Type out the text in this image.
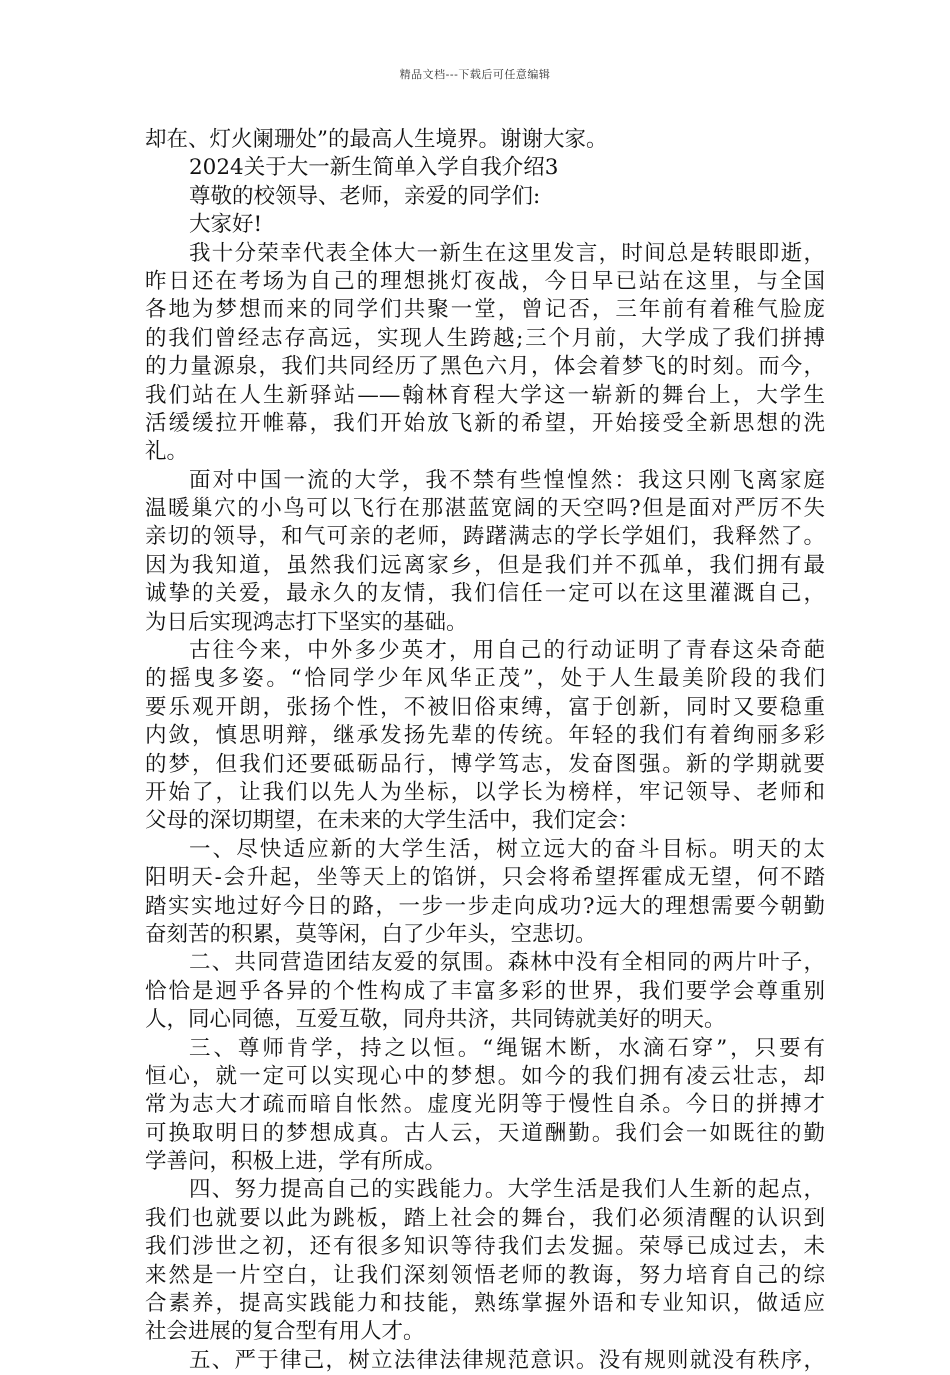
精品文档---下载后可任意编辑
却在、灯火阑珊处”的最高人生境界。谢谢大家。
2024关于大一新生简单入学自我介绍3
尊敬的校领导、老师，亲爱的同学们:
大家好!
我十分荣幸代表全体大一新生在这里发言，时间总是转眼即逝，
昨日还在考场为自己的理想挑灯夜战，今日早已站在这里，与全国
各地为梦想而来的同学们共聚一堂，曾记否，三年前有着稚气脸庞
的我们曾经志存高远，实现人生跨越;三个月前，大学成了我们拼搏
的力量源泉，我们共同经历了黑色六月，体会着梦飞的时刻。而今，
我们站在人生新驿站——翰林育程大学这一崭新的舞台上，大学生
活缓缓拉开帷幕，我们开始放飞新的希望，开始接受全新思想的洗
礼。
面对中国一流的大学，我不禁有些惶惶然：我这只刚飞离家庭
温暖巢穴的小鸟可以飞行在那湛蓝宽阔的天空吗?但是面对严厉不失
亲切的领导，和气可亲的老师，踌躇满志的学长学姐们，我释然了。
因为我知道，虽然我们远离家乡，但是我们并不孤单，我们拥有最
诚挚的关爱，最永久的友情，我们信任一定可以在这里灌溉自己，
为日后实现鸿志打下坚实的基础。
古往今来，中外多少英才，用自己的行动证明了青春这朵奇葩
的摇曳多姿。“恰同学少年风华正茂”，处于人生最美阶段的我们
要乐观开朗，张扬个性，不被旧俗束缚，富于创新，同时又要稳重
内敛，慎思明辩，继承发扬先辈的传统。年轻的我们有着绚丽多彩
的梦，但我们还要砥砺品行，博学笃志，发奋图强。新的学期就要
开始了，让我们以先人为坐标，以学长为榜样，牢记领导、老师和
父母的深切期望，在未来的大学生活中，我们定会：
一、尽快适应新的大学生活，树立远大的奋斗目标。明天的太
阳明天-会升起，坐等天上的馅饼，只会将希望挥霍成无望，何不踏
踏实实地过好今日的路，一步一步走向成功?远大的理想需要今朝勤
奋刻苦的积累，莫等闲，白了少年头，空悲切。
二、共同营造团结友爱的氛围。森林中没有全相同的两片叶子，
恰恰是迥乎各异的个性构成了丰富多彩的世界，我们要学会尊重别
人，同心同德，互爱互敬，同舟共济，共同铸就美好的明天。
三、尊师肯学，持之以恒。“绳锯木断，水滴石穿”，只要有
恒心，就一定可以实现心中的梦想。如今的我们拥有凌云壮志，却
常为志大才疏而暗自怅然。虚度光阴等于慢性自杀。今日的拼搏才
可换取明日的梦想成真。古人云，天道酬勤。我们会一如既往的勤
学善问，积极上进，学有所成。
四、努力提高自己的实践能力。大学生活是我们人生新的起点，
我们也就要以此为跳板，踏上社会的舞台，我们必须清醒的认识到
我们涉世之初，还有很多知识等待我们去发掘。荣辱已成过去，未
来然是一片空白，让我们深刻领悟老师的教诲，努力培育自己的综
合素养，提高实践能力和技能，熟练掌握外语和专业知识，做适应
社会进展的复合型有用人才。
五、严于律己，树立法律法律规范意识。没有规则就没有秩序，
